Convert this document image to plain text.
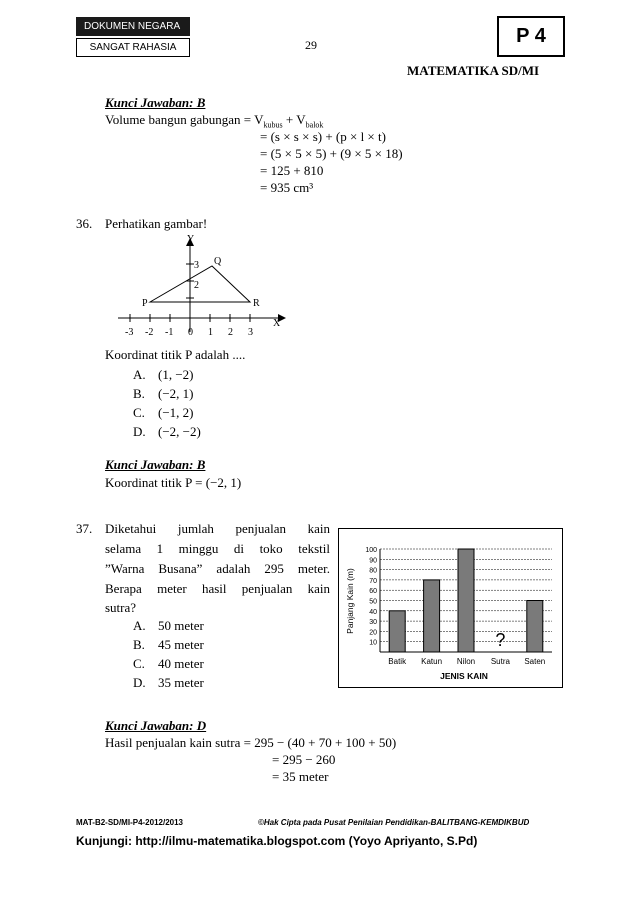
DOKUMEN NEGARA
SANGAT RAHASIA	29	P 4
MATEMATIKA SD/MI
Kunci Jawaban: B
Volume bangun gabungan = $V_{kubus} + V_{balok}$
= (s × s × s) + (p × l × t)
= (5 × 5 × 5) + (9 × 5 × 18)
= 125 + 810
= 935 cm³
36. Perhatikan gambar!
Y
X
-3 -2 -1 0 1 2 3
2
3
P
Q
R
Koordinat titik P adalah ....
A. (1, −2)
B. (−2, 1)
C. (−1, 2)
D. (−2, −2)
Kunci Jawaban: B
Koordinat titik P = (−2, 1)
37. Diketahui jumlah penjualan kain
selama 1 minggu di toko tekstil
”Warna Busana” adalah 295 meter.
Berapa meter hasil penjualan kain
sutra?
A. 50 meter
B. 45 meter
C. 40 meter
D. 35 meter
10
20
30
40
50
60
70
80
90
100
?
Batik Katun Nilon Sutra Saten
Panjang Kain (m)
JENIS KAIN
Kunci Jawaban: D
Hasil penjualan kain sutra = 295 − (40 + 70 + 100 + 50)
= 295 − 260
= 35 meter
MAT-B2-SD/MI-P4-2012/2013	©Hak Cipta pada Pusat Penilaian Pendidikan-BALITBANG-KEMDIKBUD
Kunjungi: http://ilmu-matematika.blogspot.com (Yoyo Apriyanto, S.Pd)
